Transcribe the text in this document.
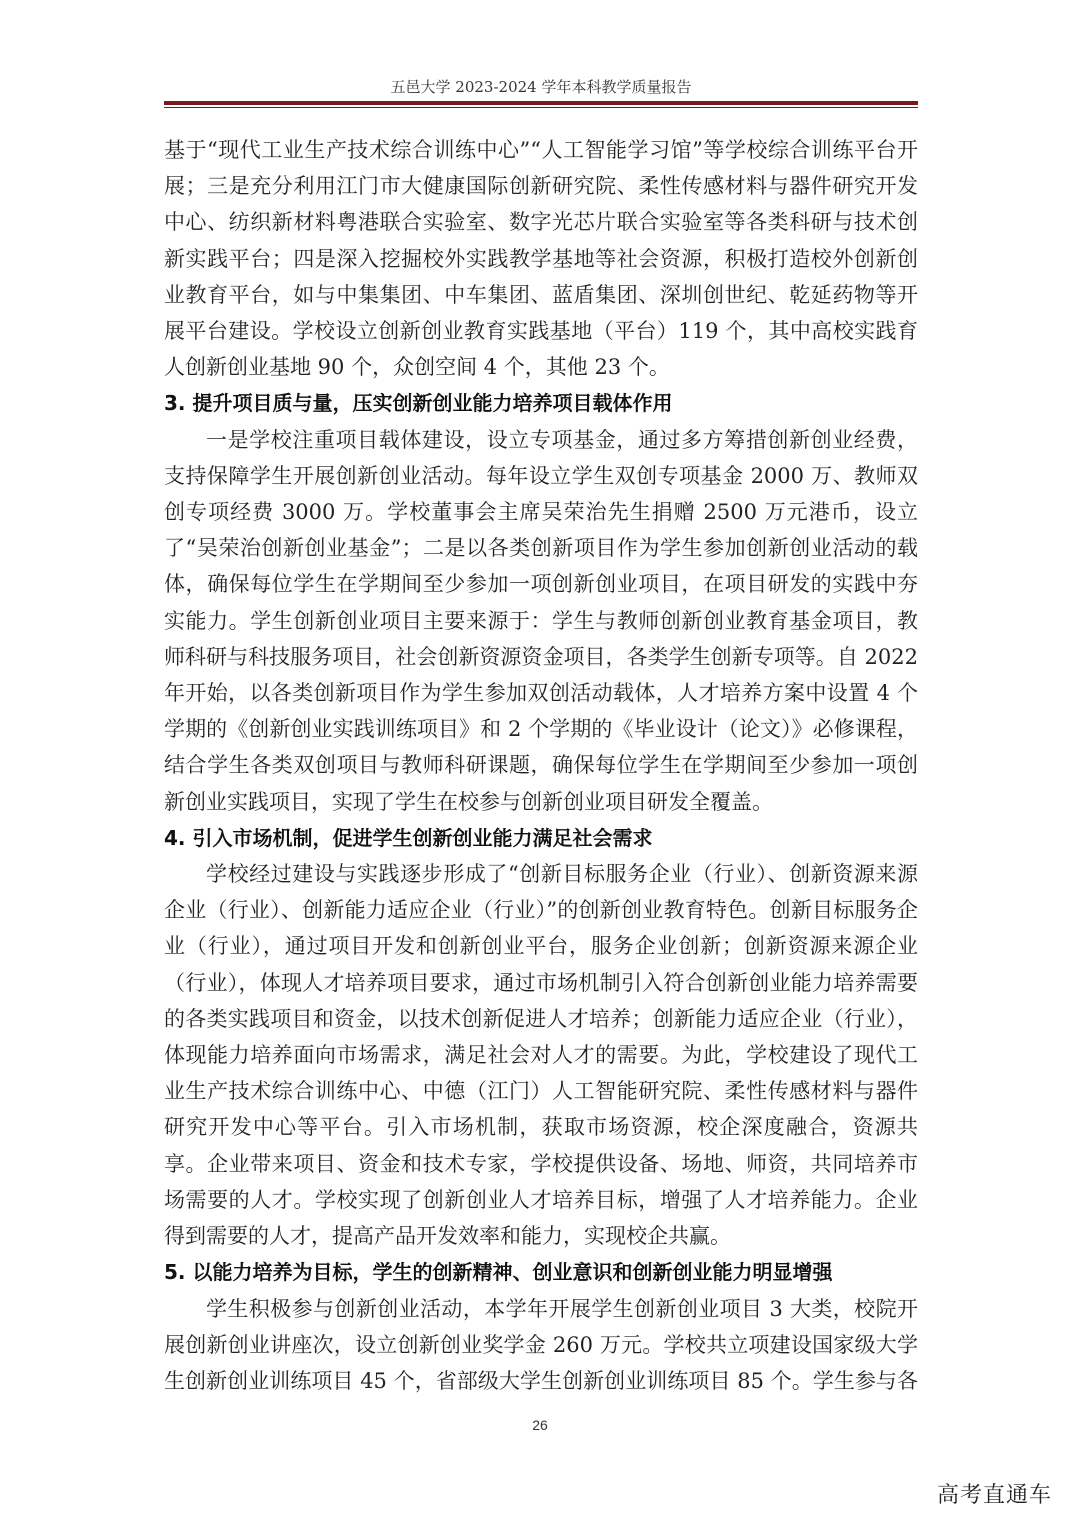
五邑大学 2023-2024 学年本科教学质量报告

基于“现代工业生产技术综合训练中心”“人工智能学习馆”等学校综合训练平台开展；三是充分利用江门市大健康国际创新研究院、柔性传感材料与器件研究开发中心、纺织新材料粤港联合实验室、数字光芯片联合实验室等各类科研与技术创新实践平台；四是深入挖掘校外实践教学基地等社会资源，积极打造校外创新创业教育平台，如与中集集团、中车集团、蓝盾集团、深圳创世纪、乾延药物等开展平台建设。学校设立创新创业教育实践基地（平台）119 个，其中高校实践育人创新创业基地 90 个，众创空间 4 个，其他 23 个。

3. 提升项目质与量，压实创新创业能力培养项目载体作用

一是学校注重项目载体建设，设立专项基金，通过多方筹措创新创业经费，支持保障学生开展创新创业活动。每年设立学生双创专项基金 2000 万、教师双创专项经费 3000 万。学校董事会主席吴荣治先生捐赠 2500 万元港币，设立了“吴荣治创新创业基金”；二是以各类创新项目作为学生参加创新创业活动的载体，确保每位学生在学期间至少参加一项创新创业项目，在项目研发的实践中夯实能力。学生创新创业项目主要来源于：学生与教师创新创业教育基金项目，教师科研与科技服务项目，社会创新资源资金项目，各类学生创新专项等。自 2022 年开始，以各类创新项目作为学生参加双创活动载体，人才培养方案中设置 4 个学期的《创新创业实践训练项目》和 2 个学期的《毕业设计（论文）》必修课程，结合学生各类双创项目与教师科研课题，确保每位学生在学期间至少参加一项创新创业实践项目，实现了学生在校参与创新创业项目研发全覆盖。

4. 引入市场机制，促进学生创新创业能力满足社会需求

学校经过建设与实践逐步形成了“创新目标服务企业（行业）、创新资源来源企业（行业）、创新能力适应企业（行业）”的创新创业教育特色。创新目标服务企业（行业），通过项目开发和创新创业平台，服务企业创新；创新资源来源企业（行业），体现人才培养项目要求，通过市场机制引入符合创新创业能力培养需要的各类实践项目和资金，以技术创新促进人才培养；创新能力适应企业（行业），体现能力培养面向市场需求，满足社会对人才的需要。为此，学校建设了现代工业生产技术综合训练中心、中德（江门）人工智能研究院、柔性传感材料与器件研究开发中心等平台。引入市场机制，获取市场资源，校企深度融合，资源共享。企业带来项目、资金和技术专家，学校提供设备、场地、师资，共同培养市场需要的人才。学校实现了创新创业人才培养目标，增强了人才培养能力。企业得到需要的人才，提高产品开发效率和能力，实现校企共赢。

5. 以能力培养为目标，学生的创新精神、创业意识和创新创业能力明显增强

学生积极参与创新创业活动，本学年开展学生创新创业项目 3 大类，校院开展创新创业讲座次，设立创新创业奖学金 260 万元。学校共立项建设国家级大学生创新创业训练项目 45 个，省部级大学生创新创业训练项目 85 个。学生参与各

26
高考直通车
